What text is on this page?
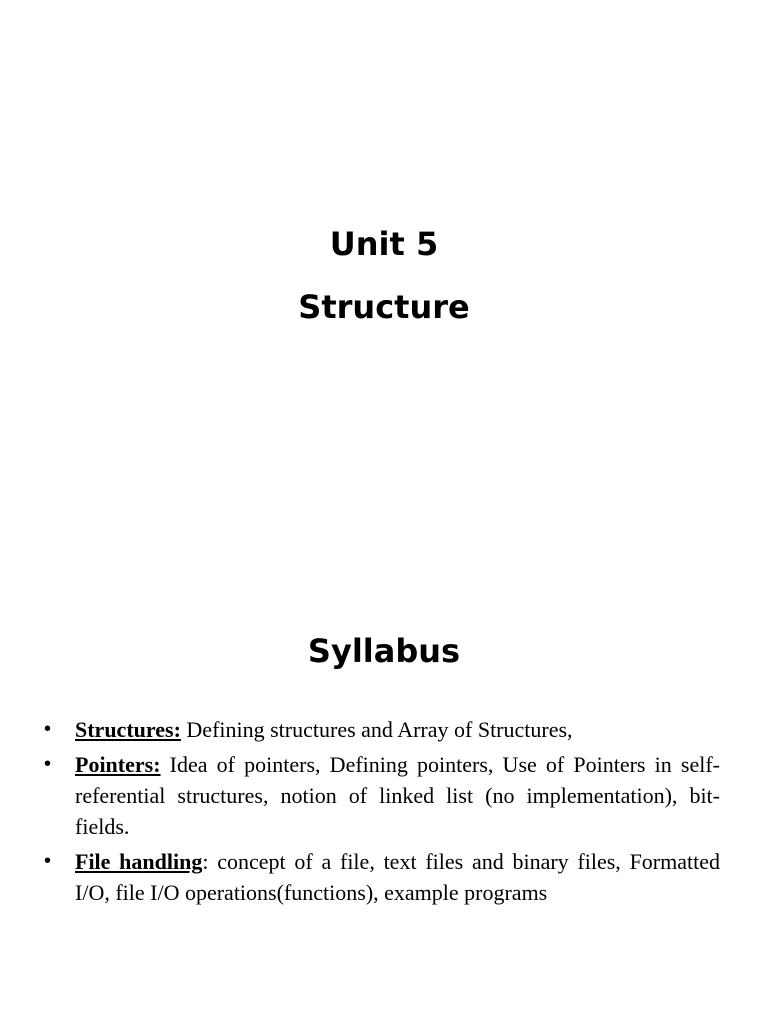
Unit 5
Structure
Syllabus
• Structures: Defining structures and Array of Structures,
• Pointers: Idea of pointers, Defining pointers, Use of Pointers in self-referential structures, notion of linked list (no implementation), bit-fields.
• File handling: concept of a file, text files and binary files, Formatted I/O, file I/O operations(functions), example programs
